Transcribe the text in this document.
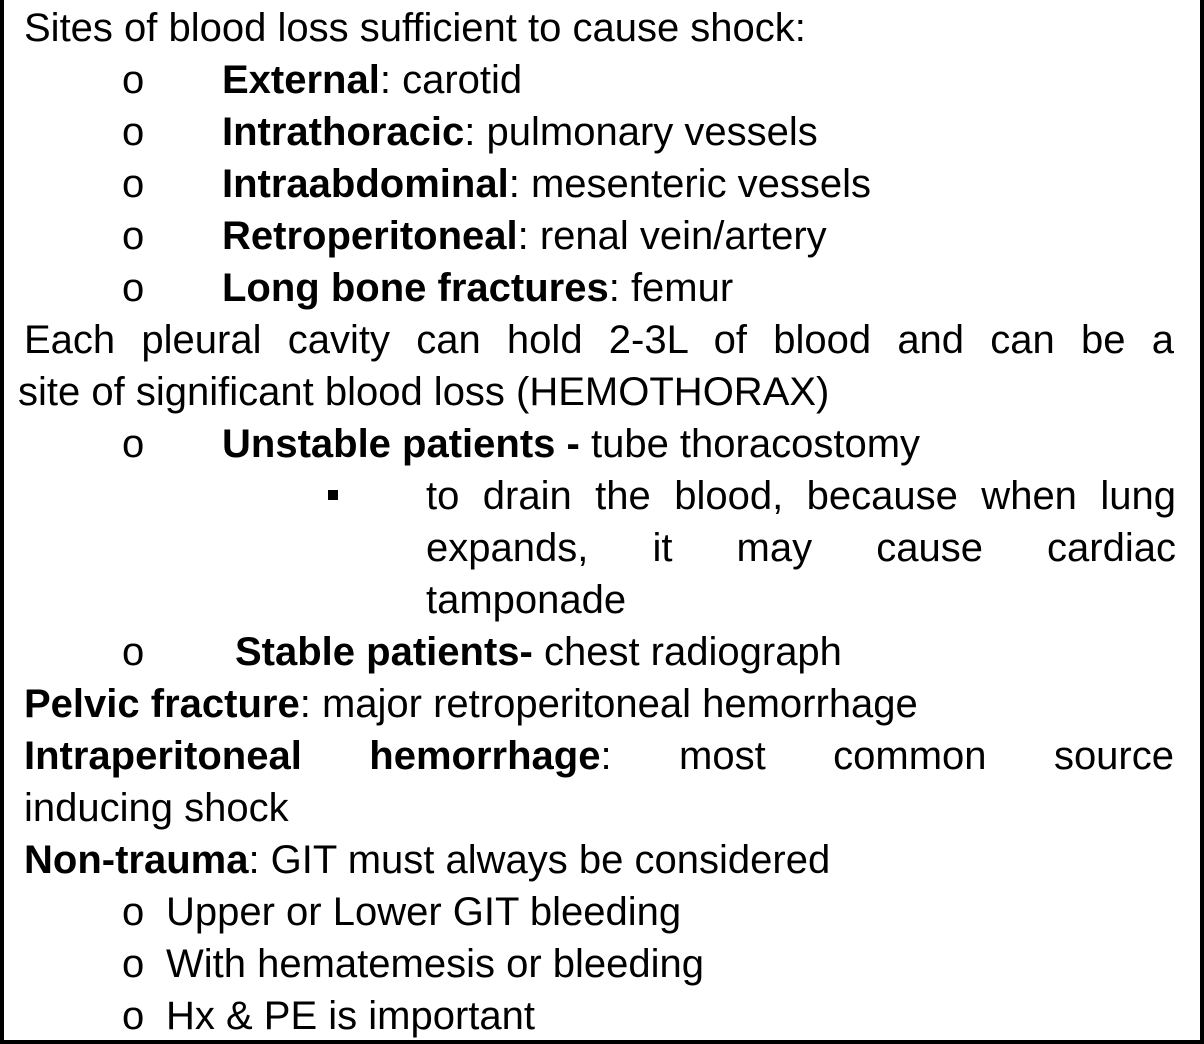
Sites of blood loss sufficient to cause shock:
o External: carotid
o Intrathoracic: pulmonary vessels
o Intraabdominal: mesenteric vessels
o Retroperitoneal: renal vein/artery
o Long bone fractures: femur
Each pleural cavity can hold 2-3L of blood and can be a
site of significant blood loss (HEMOTHORAX)
o Unstable patients - tube thoracostomy
to drain the blood, because when lung
expands, it may cause cardiac
tamponade
o Stable patients- chest radiograph
Pelvic fracture: major retroperitoneal hemorrhage
Intraperitoneal hemorrhage: most common source
inducing shock
Non-trauma: GIT must always be considered
o Upper or Lower GIT bleeding
o With hematemesis or bleeding
o Hx & PE is important
